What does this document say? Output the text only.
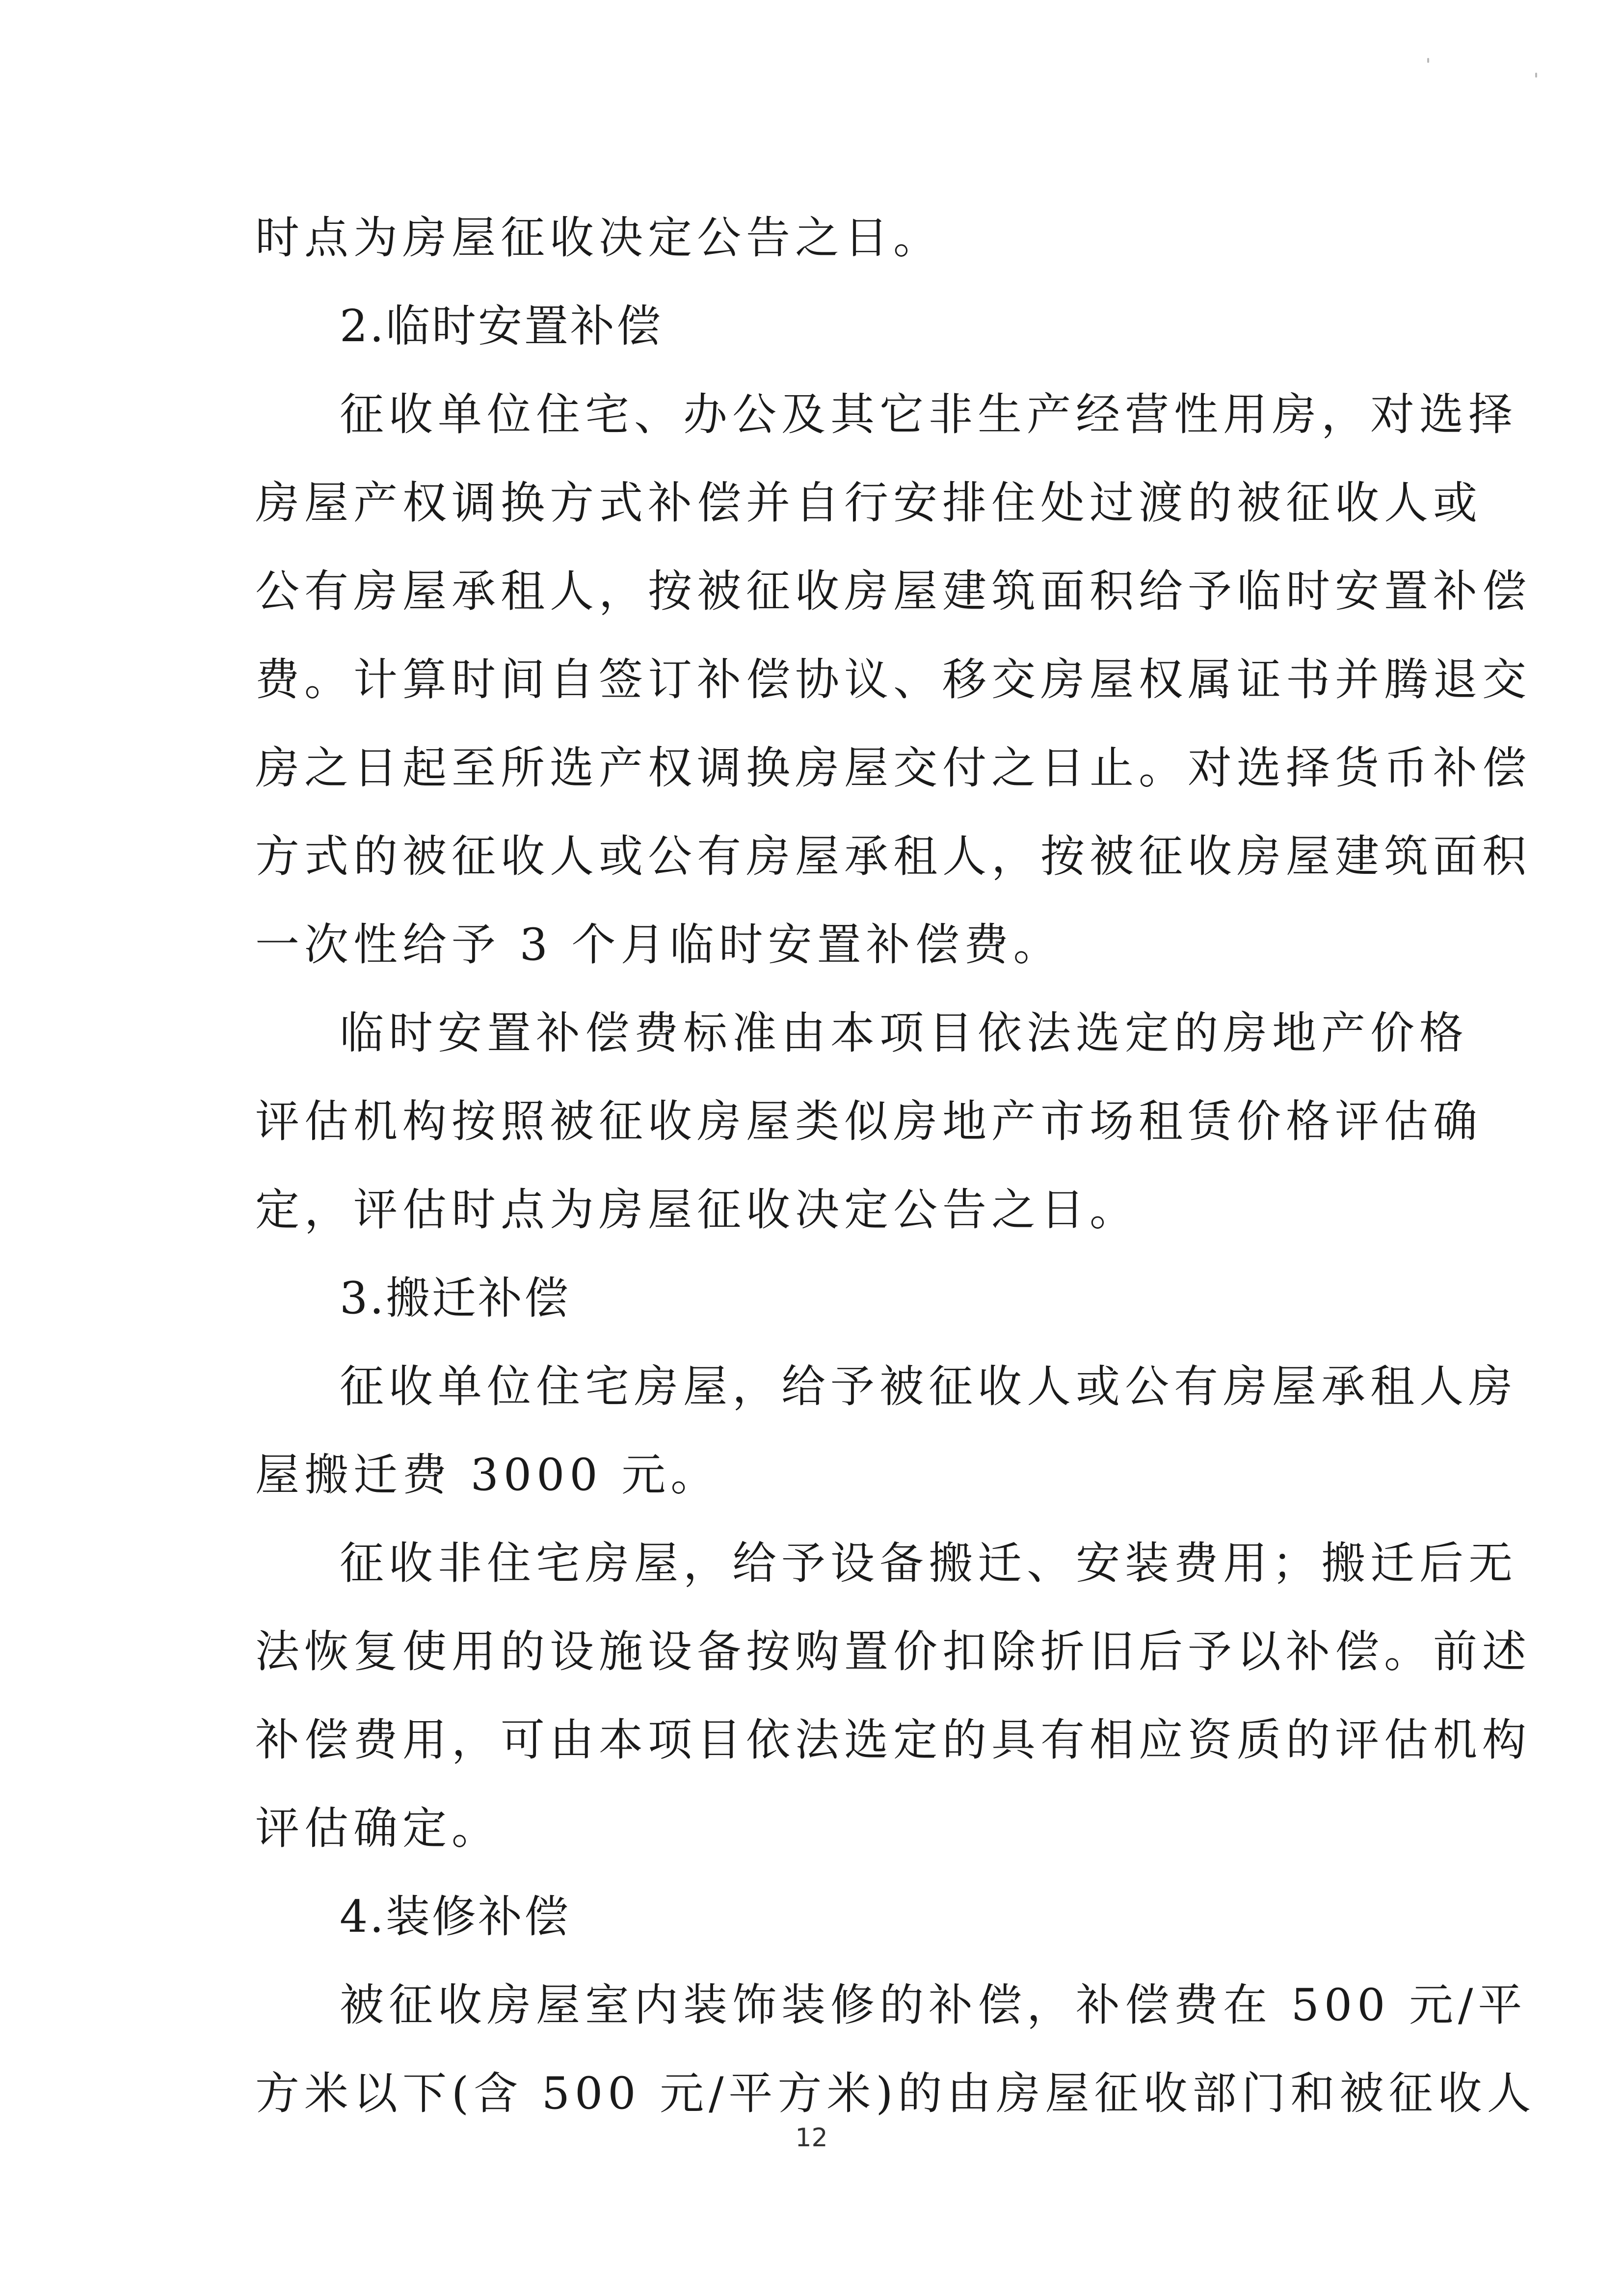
时点为房屋征收决定公告之日。
2.临时安置补偿
征收单位住宅、办公及其它非生产经营性用房，对选择
房屋产权调换方式补偿并自行安排住处过渡的被征收人或
公有房屋承租人，按被征收房屋建筑面积给予临时安置补偿
费。计算时间自签订补偿协议、移交房屋权属证书并腾退交
房之日起至所选产权调换房屋交付之日止。对选择货币补偿
方式的被征收人或公有房屋承租人，按被征收房屋建筑面积
一次性给予 3 个月临时安置补偿费。
临时安置补偿费标准由本项目依法选定的房地产价格
评估机构按照被征收房屋类似房地产市场租赁价格评估确
定，评估时点为房屋征收决定公告之日。
3.搬迁补偿
征收单位住宅房屋，给予被征收人或公有房屋承租人房
屋搬迁费 3000 元。
征收非住宅房屋，给予设备搬迁、安装费用；搬迁后无
法恢复使用的设施设备按购置价扣除折旧后予以补偿。前述
补偿费用，可由本项目依法选定的具有相应资质的评估机构
评估确定。
4.装修补偿
被征收房屋室内装饰装修的补偿，补偿费在 500 元/平
方米以下(含 500 元/平方米)的由房屋征收部门和被征收人
12
